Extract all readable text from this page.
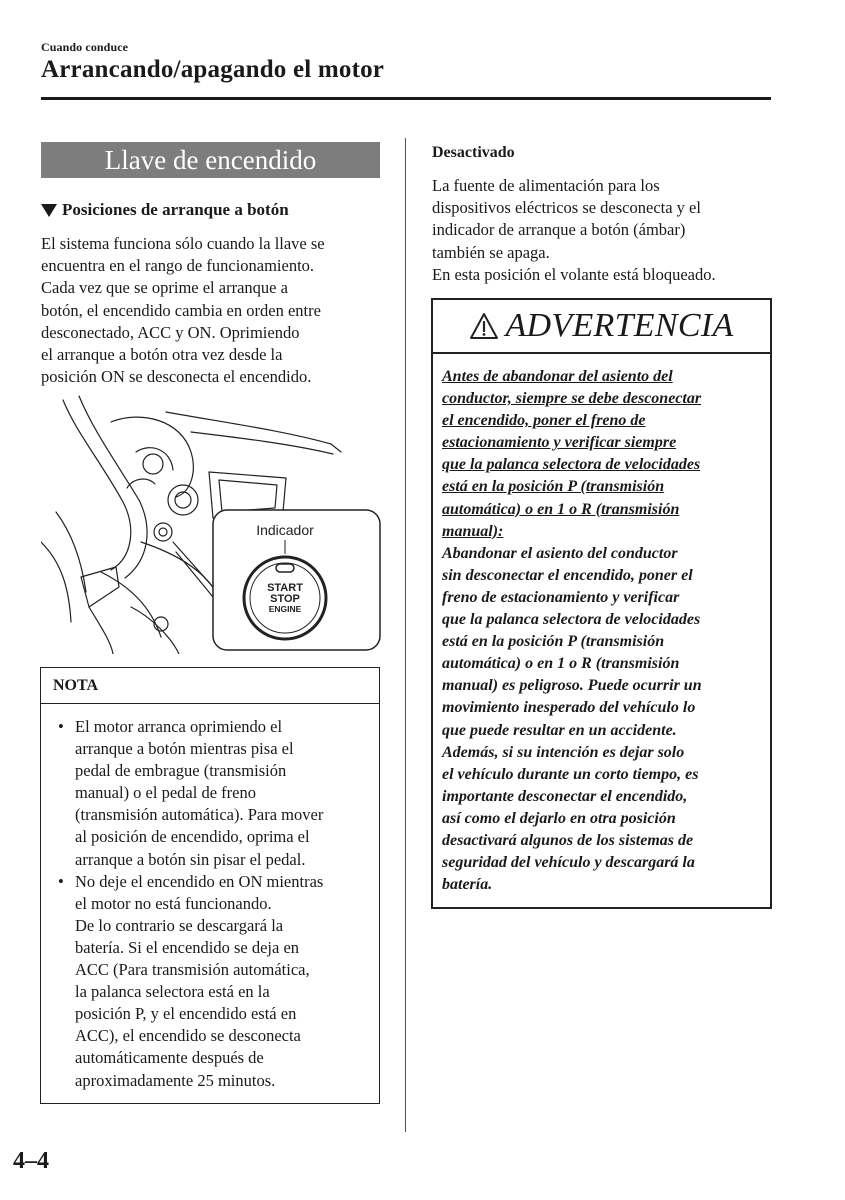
Cuando conduce
Arrancando/apagando el motor
Llave de encendido
Posiciones de arranque a botón
El sistema funciona sólo cuando la llave se
encuentra en el rango de funcionamiento.
Cada vez que se oprime el arranque a
botón, el encendido cambia en orden entre
desconectado, ACC y ON. Oprimiendo
el arranque a botón otra vez desde la
posición ON se desconecta el encendido.
Indicador
START
STOP
ENGINE
NOTA
• El motor arranca oprimiendo el
arranque a botón mientras pisa el
pedal de embrague (transmisión
manual) o el pedal de freno
(transmisión automática). Para mover
al posición de encendido, oprima el
arranque a botón sin pisar el pedal.
• No deje el encendido en ON mientras
el motor no está funcionando.
De lo contrario se descargará la
batería. Si el encendido se deja en
ACC (Para transmisión automática,
la palanca selectora está en la
posición P, y el encendido está en
ACC), el encendido se desconecta
automáticamente después de
aproximadamente 25 minutos.
Desactivado
La fuente de alimentación para los
dispositivos eléctricos se desconecta y el
indicador de arranque a botón (ámbar)
también se apaga.
En esta posición el volante está bloqueado.
ADVERTENCIA
Antes de abandonar del asiento del
conductor, siempre se debe desconectar
el encendido, poner el freno de
estacionamiento y verificar siempre
que la palanca selectora de velocidades
está en la posición P (transmisión
automática) o en 1 o R (transmisión
manual):
Abandonar el asiento del conductor
sin desconectar el encendido, poner el
freno de estacionamiento y verificar
que la palanca selectora de velocidades
está en la posición P (transmisión
automática) o en 1 o R (transmisión
manual) es peligroso. Puede ocurrir un
movimiento inesperado del vehículo lo
que puede resultar en un accidente.
Además, si su intención es dejar solo
el vehículo durante un corto tiempo, es
importante desconectar el encendido,
así como el dejarlo en otra posición
desactivará algunos de los sistemas de
seguridad del vehículo y descargará la
batería.
4–4
